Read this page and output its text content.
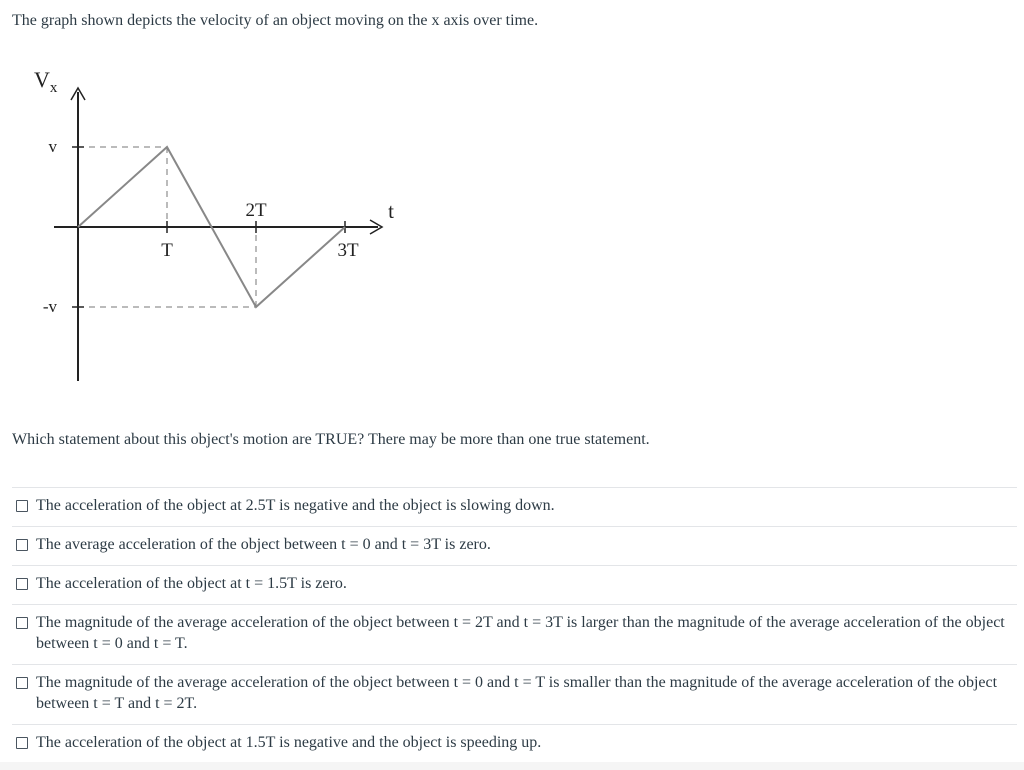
The graph shown depicts the velocity of an object moving on the x axis over time.

$V_x$
t
v
-v
T
2T
3T

Which statement about this object's motion are TRUE? There may be more than one true statement.

The acceleration of the object at 2.5T is negative and the object is slowing down.
The average acceleration of the object between t = 0 and t = 3T is zero.
The acceleration of the object at t = 1.5T is zero.
The magnitude of the average acceleration of the object between t = 2T and t = 3T is larger than the magnitude of the average acceleration of the object between t = 0 and t = T.
The magnitude of the average acceleration of the object between t = 0 and t = T is smaller than the magnitude of the average acceleration of the object between t = T and t = 2T.
The acceleration of the object at 1.5T is negative and the object is speeding up.
